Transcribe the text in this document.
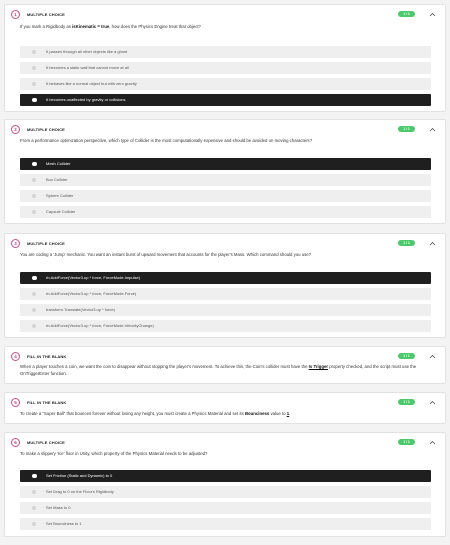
1	MULTIPLE CHOICE	1 / 1
If you mark a Rigidbody as isKinematic = true, how does the Physics Engine treat that object?
It passes through all other objects like a ghost
It becomes a static wall that cannot move at all
It behaves like a normal object but with zero gravity
It becomes unaffected by gravity or collisions
2	MULTIPLE CHOICE	1 / 1
From a performance optimization perspective, which type of Collider is the most computationally expensive and should be avoided on moving characters?
Mesh Collider
Box Collider
Sphere Collider
Capsule Collider
3	MULTIPLE CHOICE	1 / 1
You are coding a 'Jump' mechanic. You want an instant burst of upward movement that accounts for the player's Mass. Which command should you use?
rb.AddForce(Vector3.up * force, ForceMode.Impulse)
rb.AddForce(Vector3.up * force, ForceMode.Force)
transform.Translate(Vector3.up * force)
rb.AddForce(Vector3.up * force, ForceMode.VelocityChange)
4	FILL IN THE BLANK	1 / 1
When a player touches a coin, we want the coin to disappear without stopping the player's movement. To achieve this, the Coin's collider must have the Is Trigger property checked, and the script must use the OnTriggerEnter function.
5	FILL IN THE BLANK	1 / 1
To create a "Super Ball" that bounces forever without losing any height, you must create a Physics Material and set its Bounciness value to 1.
6	MULTIPLE CHOICE	1 / 1
To make a slippery 'Ice' floor in Unity, which property of the Physics Material needs to be adjusted?
Set Friction (Static and Dynamic) to 0
Set Drag to 0 on the Floor's Rigidbody
Set Mass to 0
Set Bounciness to 1
